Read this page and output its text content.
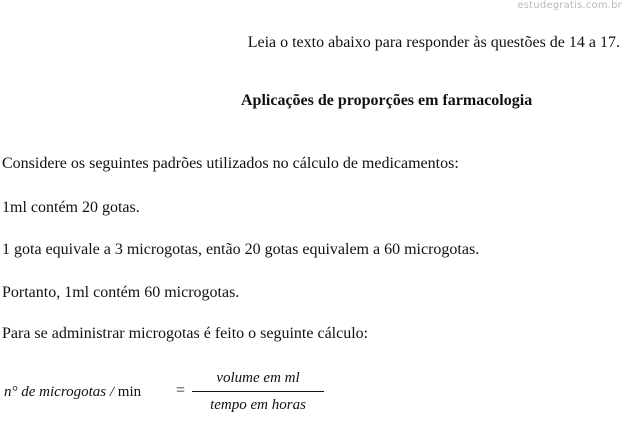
estudegratis.com.br
Leia o texto abaixo para responder às questões de 14 a 17.
Aplicações de proporções em farmacologia
Considere os seguintes padrões utilizados no cálculo de medicamentos:
1ml contém 20 gotas.
1 gota equivale a 3 microgotas, então 20 gotas equivalem a 60 microgotas.
Portanto, 1ml contém 60 microgotas.
Para se administrar microgotas é feito o seguinte cálculo:
n° de microgotas / min =
volume em ml
tempo em horas
